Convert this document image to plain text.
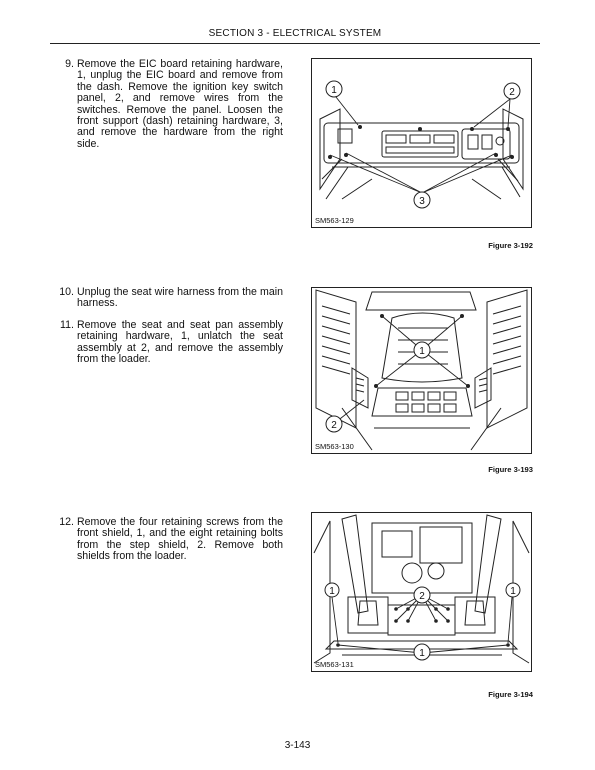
SECTION 3 - ELECTRICAL SYSTEM
9. Remove the EIC board retaining hardware, 1, unplug the EIC board and remove from the dash. Remove the ignition key switch panel, 2, and remove wires from the switches. Remove the panel. Loosen the front support (dash) retaining hardware, 3, and remove the hardware from the right side.
1	2
3
SM563-129
Figure 3-192
10. Unplug the seat wire harness from the main harness.
11. Remove the seat and seat pan assembly retaining hardware, 1, unlatch the seat assembly at 2, and remove the assembly from the loader.
1
2
SM563-130
Figure 3-193
12. Remove the four retaining screws from the front shield, 1, and the eight retaining bolts from the step shield, 2. Remove both shields from the loader.
2
1
1	1
SM563-131
Figure 3-194
3-143
